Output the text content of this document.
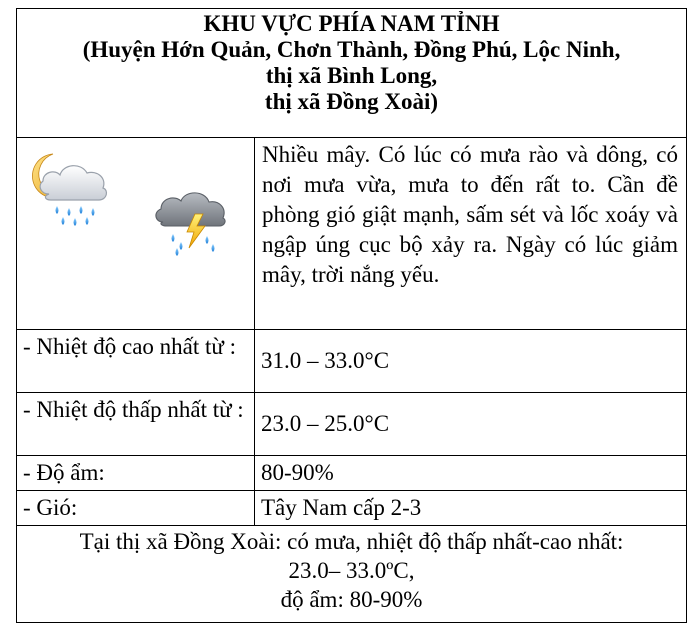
KHU VỰC PHÍA NAM TỈNH
(Huyện Hớn Quản, Chơn Thành, Đồng Phú, Lộc Ninh,
thị xã Bình Long,
thị xã Đồng Xoài)	

	Nhiều mây. Có lúc có mưa rào và dông, có nơi mưa vừa, mưa to đến rất to. Cần đề phòng gió giật mạnh, sấm sét và lốc xoáy và ngập úng cục bộ xảy ra. Ngày có lúc giảm mây, trời nắng yếu.
- Nhiệt độ cao nhất từ :	31.0 – 33.0°C
- Nhiệt độ thấp nhất từ :	23.0 – 25.0°C
- Độ ẩm:	80-90%
- Gió:	Tây Nam cấp 2-3

Tại thị xã Đồng Xoài: có mưa, nhiệt độ thấp nhất-cao nhất:
23.0– 33.0ºC,
độ ẩm: 80-90%	
